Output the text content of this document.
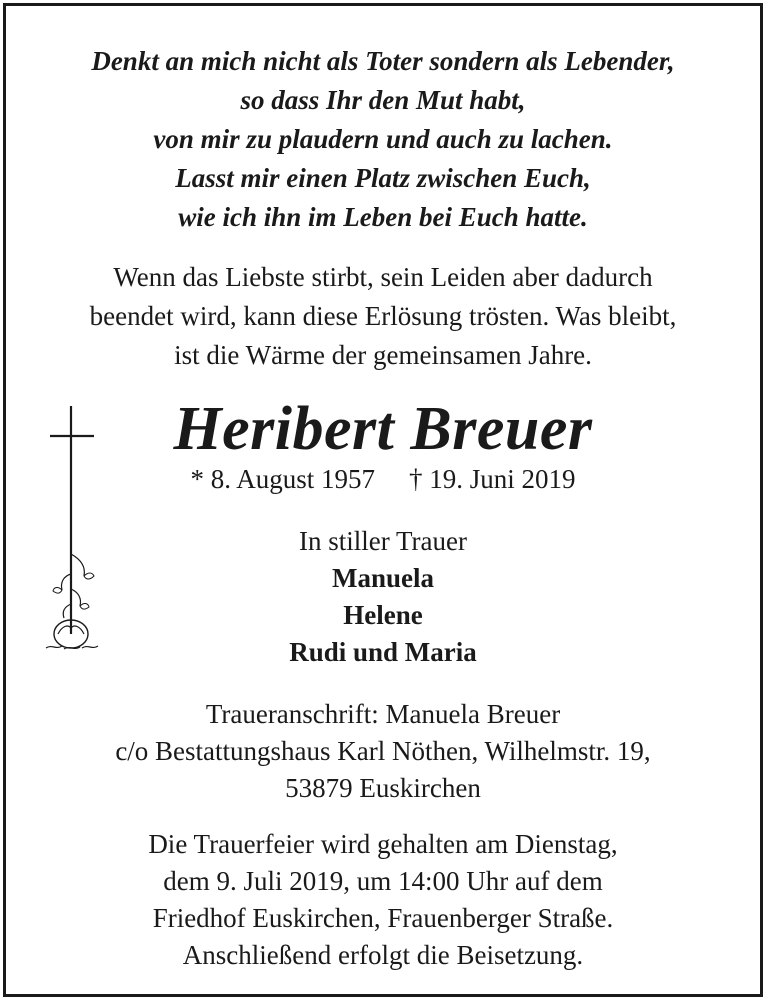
Denkt an mich nicht als Toter sondern als Lebender,
so dass Ihr den Mut habt,
von mir zu plaudern und auch zu lachen.
Lasst mir einen Platz zwischen Euch,
wie ich ihn im Leben bei Euch hatte.
Wenn das Liebste stirbt, sein Leiden aber dadurch
beendet wird, kann diese Erlösung trösten. Was bleibt,
ist die Wärme der gemeinsamen Jahre.
Heribert Breuer
* 8. August 1957 † 19. Juni 2019
In stiller Trauer
Manuela
Helene
Rudi und Maria
Traueranschrift: Manuela Breuer
c/o Bestattungshaus Karl Nöthen, Wilhelmstr. 19,
53879 Euskirchen
Die Trauerfeier wird gehalten am Dienstag,
dem 9. Juli 2019, um 14:00 Uhr auf dem
Friedhof Euskirchen, Frauenberger Straße.
Anschließend erfolgt die Beisetzung.
